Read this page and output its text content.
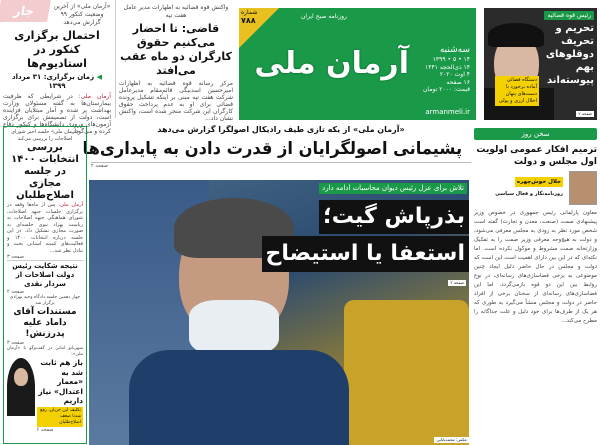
جار	«آرمان ملی» از آخرین وضعیت کنکور ۹۹ گزارش می‌دهد
احتمال برگزاری کنکور در استادیوم‌ها
◀ زمان برگزاری: ۳۱ مرداد ۱۳۹۹
آرمان ملی: در شرایطی که ظرفیت بیمارستان‌ها به گفته مسئولان وزارت بهداشت پر شده و آمار مبتلایان فزاینده است، دولت از تصمیمش برای برگزاری آزمون‌های ورودی دانشگاه‌ها و کنکور دفاع کرده و می‌گوید...
واکنش قوه قضائیه به اظهارات مدیر عامل هفت تپه
قاضی: تا احضار می‌کنیم حقوق کارگران دو ماه عقب می‌افتد
مرکز رسانه قوه قضائیه به اظهارات امیرحسین اسدبیگی قائم‌مقام مدیرعامل شرکت هفت تپه مبنی بر اینکه تشکیل پرونده قضائی برای او به عدم پرداخت حقوق کارگران این شرکت منجر شده است، واکنش نشان داد...
آرمان ملی
روزنامه صبح ایران
سه‌شنبه
۱۴ • ۵ • ۱۳۹۹
۱۴ ذی‌الحجه ۱۴۴۱
۴ اوت ۲۰۲۰
۱۶ صفحه
قیمت: ۲۰۰۰ تومان
armanmeli.ir
شماره
۷۸۸
رئیس قوه قضائیه
تحریم و تحریف دوقلوهای بهم پیوسته‌اند
دستگاه قضائی آماده برخورد با دست‌های پنهان اخلال ارزی و پولی
صفحه ۲
«آرمان ملی» از یکه تازی طیف رادیکال اصولگرا گزارش می‌دهد
پشیمانی اصولگرایان از قدرت دادن به پایداری‌ها
صفحه ۲
تلاش برای عزل رئیس دیوان محاسبات ادامه دارد
بذرپاش گیت؛
استعفا یا استیضاح
صفحه ۲
عکس: محمدبابایی
«آرمان ملی» جلسه اخیر شورای اصلاحات را بررسی می‌کند
بررسی انتخابات ۱۴۰۰ در جلسه مجازی اصلاح‌طلبان
آرمان ملی: پس از ماه‌ها وقفه در برگزاری جلسات جبهه اصلاحات، شورای هماهنگی جبهه اصلاحات به ریاست بهزاد نبوی جلسه‌ای به صورت مجازی تشکیل داد. در این جلسه درباره انتخابات ۱۴۰۰ و فعالیت‌های کمیته استانی بحث و تبادل نظر شد...
صفحه ۳
نتیجه شکایت رئیس دولت اصلاحات از سردار نقدی
صفحه ۲
چهار دهمین جلسه دادگاه وحید بهزادی برگزار شد
مستندات آقای داماد علیه پدرزنش!
صفحه ۳
شهربانو امانی در گفت‌وگو با «آرمان ملی»:
باز هم ثابت شد به «معمار اعتدال» نیاز داریم
تکلیف این جریان، رفع شدنا ضعف اصلاح‌طلبان
صفحه ۶
سخن روز
ترمیم افکار عمومی اولویت اول مجلس و دولت
جلال خوش‌چهره
روزنامه‌نگار و فعال سیاسی
معاون پارلمانی رئیس جمهوری در خصوص وزیر پیشنهادی صمت (صنعت، معدن و تجارت) گفته است شخص مورد نظر به زودی به مجلس معرفی می‌شود، و دولت به هیچ‌وجه معرفی وزیر صمت را به تفکیک وزارتخانه صمت مشروط و موکول نکرده است. اما نکته‌ای که در این بین دارای اهمیت است این است که دولت و مجلس در حال حاضر دلیل ایجاد چنین موضوعی به برخی فضاسازی‌های رسانه‌ای، در نوع روابط بین این دو قوه بازمی‌گردد. اما این فضاسازی‌های رسانه‌ای از سخنان برخی از افراد حاضر در دولت و مجلس منشأ می‌گیرد به طوری که هر یک از طرف‌ها برای خود دلیل و علت جداگانه را مطرح می‌کند...
